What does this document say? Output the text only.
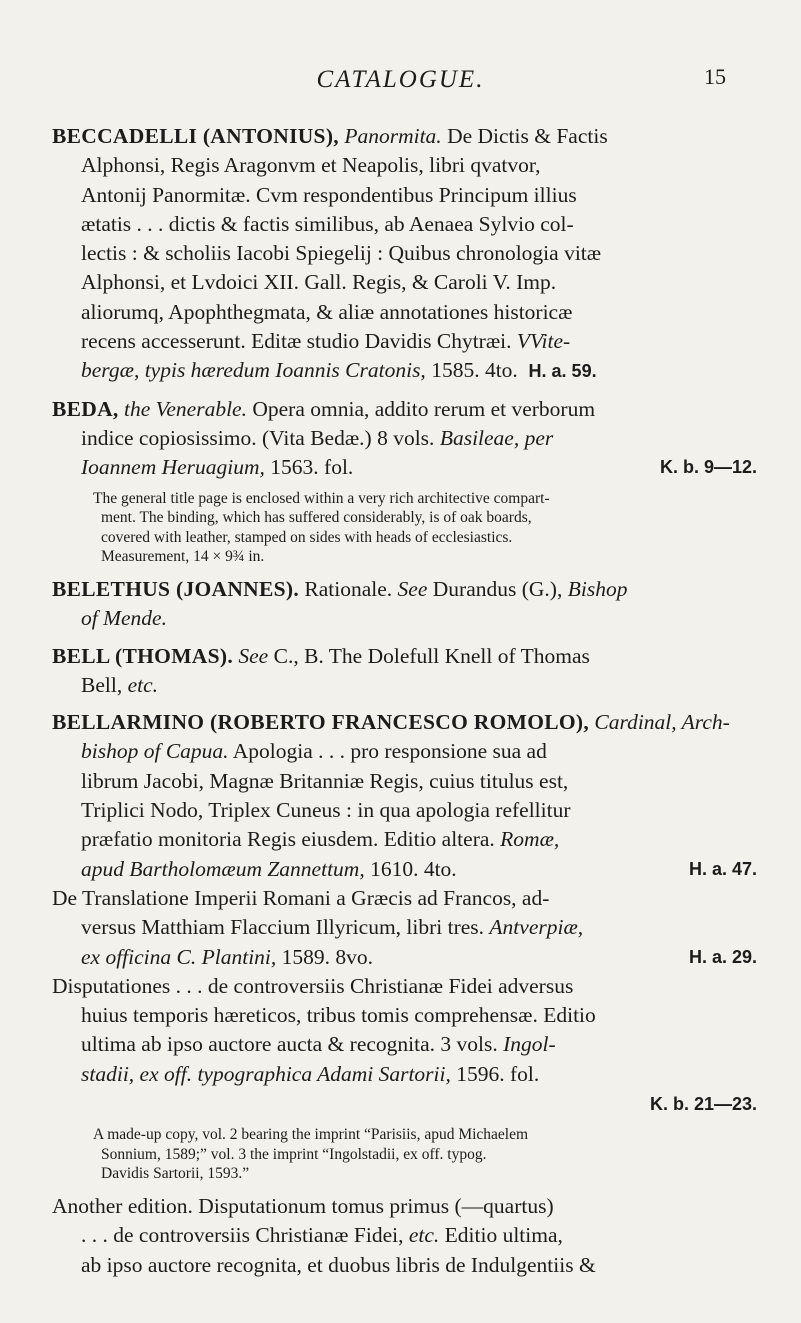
CATALOGUE.	15
BECCADELLI (ANTONIUS), Panormita. De Dictis & Factis
Alphonsi, Regis Aragonvm et Neapolis, libri qvatvor,
Antonij Panormitæ. Cvm respondentibus Principum illius
ætatis . . . dictis & factis similibus, ab Aenaea Sylvio col-
lectis : & scholiis Iacobi Spiegelij : Quibus chronologia vitæ
Alphonsi, et Lvdoici XII. Gall. Regis, & Caroli V. Imp.
aliorumq, Apophthegmata, & aliæ annotationes historicæ
recens accesserunt. Editæ studio Davidis Chytræi. VVite-
bergæ, typis hæredum Ioannis Cratonis, 1585. 4to. H. a. 59.
BEDA, the Venerable. Opera omnia, addito rerum et verborum
indice copiosissimo. (Vita Bedæ.) 8 vols. Basileae, per
Ioannem Heruagium, 1563. fol.	K. b. 9—12.
The general title page is enclosed within a very rich architective compart-
ment. The binding, which has suffered considerably, is of oak boards,
covered with leather, stamped on sides with heads of ecclesiastics.
Measurement, 14 × 9¾ in.
BELETHUS (JOANNES). Rationale. See Durandus (G.), Bishop
of Mende.
BELL (THOMAS). See C., B. The Dolefull Knell of Thomas
Bell, etc.
BELLARMINO (ROBERTO FRANCESCO ROMOLO), Cardinal, Arch-
bishop of Capua. Apologia . . . pro responsione sua ad
librum Jacobi, Magnæ Britanniæ Regis, cuius titulus est,
Triplici Nodo, Triplex Cuneus : in qua apologia refellitur
præfatio monitoria Regis eiusdem. Editio altera. Romæ,
apud Bartholomæum Zannettum, 1610. 4to.	H. a. 47.
De Translatione Imperii Romani a Græcis ad Francos, ad-
versus Matthiam Flaccium Illyricum, libri tres. Antverpiæ,
ex officina C. Plantini, 1589. 8vo.	H. a. 29.
Disputationes . . . de controversiis Christianæ Fidei adversus
huius temporis hæreticos, tribus tomis comprehensæ. Editio
ultima ab ipso auctore aucta & recognita. 3 vols. Ingol-
stadii, ex off. typographica Adami Sartorii, 1596. fol.
K. b. 21—23.
A made-up copy, vol. 2 bearing the imprint “Parisiis, apud Michaelem
Sonnium, 1589;” vol. 3 the imprint “Ingolstadii, ex off. typog.
Davidis Sartorii, 1593.”
Another edition. Disputationum tomus primus (—quartus)
. . . de controversiis Christianæ Fidei, etc. Editio ultima,
ab ipso auctore recognita, et duobus libris de Indulgentiis &
